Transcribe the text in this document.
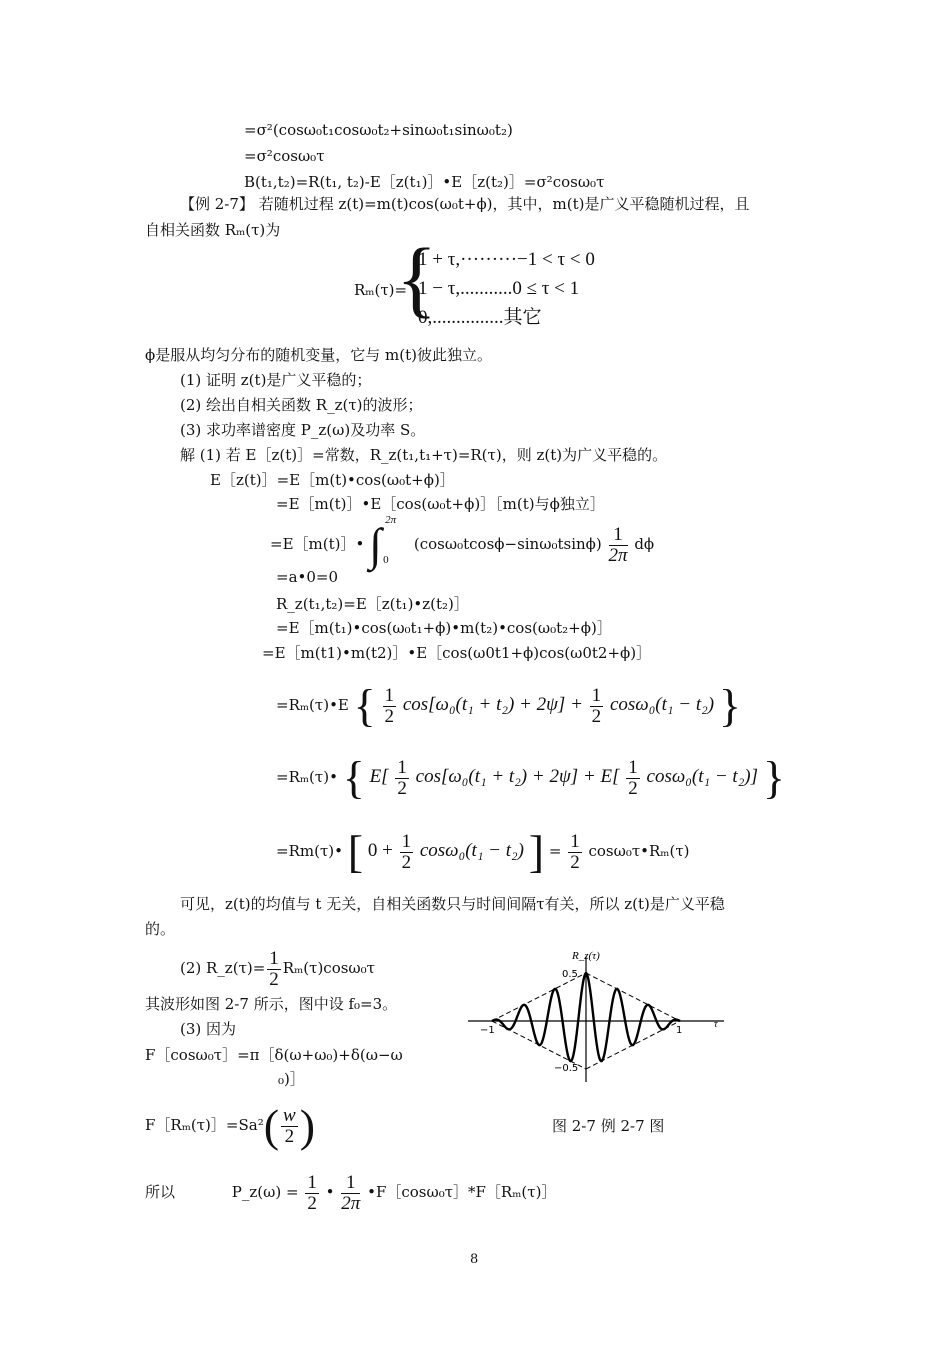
=σ²(cosω₀t₁cosω₀t₂+sinω₀t₁sinω₀t₂)
=σ²cosω₀τ
B(t₁,t₂)=R(t₁, t₂)-E［z(t₁)］•E［z(t₂)］=σ²cosω₀τ
【例 2-7】 若随机过程 z(t)=m(t)cos(ω₀t+ϕ)，其中，m(t)是广义平稳随机过程，且
自相关函数 Rₘ(τ)为
Rₘ(τ)=
{
1 + τ,·········−1 < τ < 0
1 − τ,...........0 ≤ τ < 1
0,...............其它
ϕ是服从均匀分布的随机变量，它与 m(t)彼此独立。
(1) 证明 z(t)是广义平稳的；
(2) 绘出自相关函数 R_z(τ)的波形；
(3) 求功率谱密度 P_z(ω)及功率 S。
解 (1) 若 E［z(t)］=常数，R_z(t₁,t₁+τ)=R(τ)，则 z(t)为广义平稳的。
E［z(t)］=E［m(t)•cos(ω₀t+ϕ)］
=E［m(t)］•E［cos(ω₀t+ϕ)］［m(t)与ϕ独立］
=E［m(t)］• ∫ 2π
0
$(\cos\omega_0tcos\phi-\sin\omega_0tsin\phi) \frac{1}{2\pi}$ dϕ
=a•0=0
R_z(t₁,t₂)=E［z(t₁)•z(t₂)］
=E［m(t₁)•cos(ω₀t₁+ϕ)•m(t₂)•cos(ω₀t₂+ϕ)］
=E［m(t1)•m(t2)］•E［cos(ω0t1+ϕ)cos(ω0t2+ϕ)］
=Rₘ(τ)•E { $\frac{1}{2} \cos[\omega_0(t_1 + t_2) + 2\psi] + \frac{1}{2} \cos\omega_0(t_1 - t_2)$ }
=Rₘ(τ)• { $E[ \frac{1}{2} \cos[\omega_0(t_1 + t_2) + 2\psi] + E[ \frac{1}{2} \cos\omega_0(t_1 - t_2)]$ }
=Rm(τ)• [ $0 + \frac{1}{2} \cos\omega_0(t_1 - t_2)$ ] = $\frac{1}{2}$ cosω₀τ•Rₘ(τ)
可见，z(t)的均值与 t 无关，自相关函数只与时间间隔τ有关，所以 z(t)是广义平稳
的。
(2) R_z(τ)= $\frac{1}{2} R_m(\tau)\cos\omega_0\tau$
其波形如图 2-7 所示，图中设 f₀=3。
(3) 因为
F［cosω₀τ］=π［δ(ω+ω₀)+δ(ω−ω
₀)］
F［Rₘ(τ)］=Sa²( $\frac{w}{2}$ )
R_z(τ)
0.5
−0.5
−1	1
τ
图 2-7 例 2-7 图
所以	P_z(ω) = $\frac{1}{2}$ • $\frac{1}{2\pi}$ •F［cosω₀τ］*F［Rₘ(τ)］
8
